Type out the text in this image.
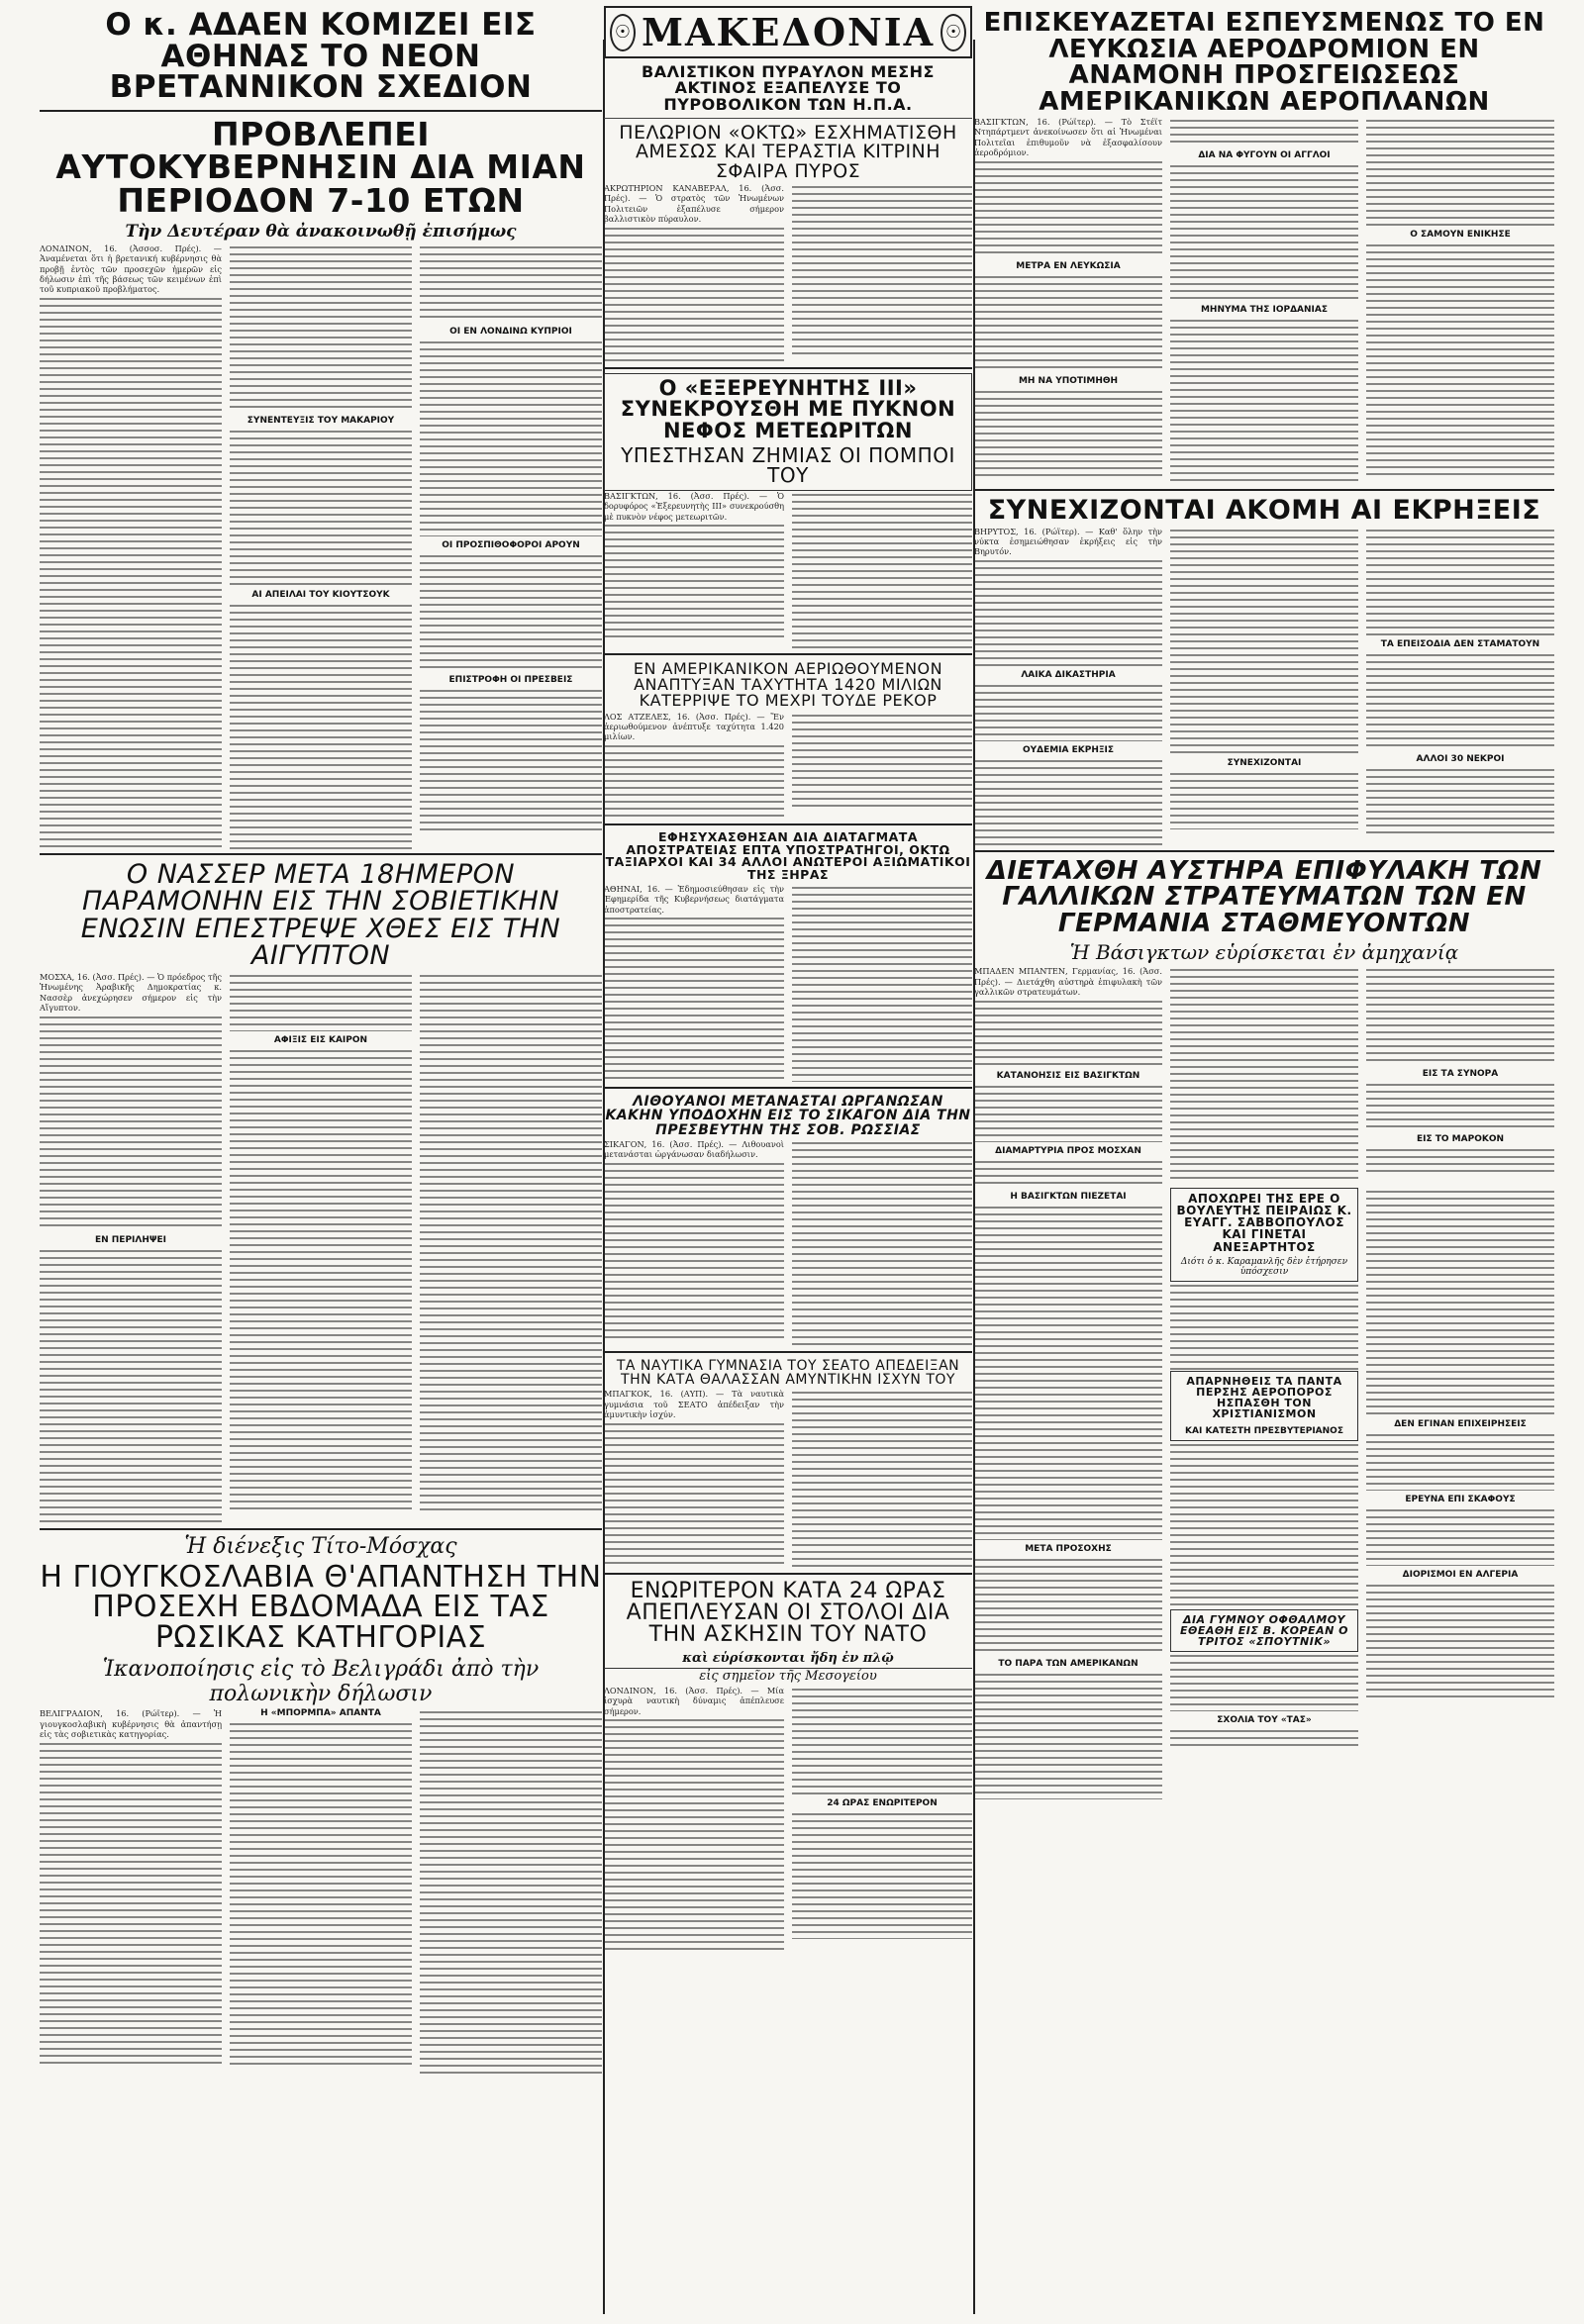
Ο κ. ΑΔΑΕΝ ΚΟΜΙΖΕΙ ΕΙΣ ΑΘΗΝΑΣ ΤΟ ΝΕΟΝ ΒΡΕΤΑΝΝΙΚΟΝ ΣΧΕΔΙΟΝ
ΠΡΟΒΛΕΠΕΙ ΑΥΤΟΚΥΒΕΡΝΗΣΙΝ ΔΙΑ ΜΙΑΝ ΠΕΡΙΟΔΟΝ 7-10 ΕΤΩΝ

Τὴν Δευτέραν θὰ ἀνακοινωθῇ ἐπισήμως

ΛΟΝΔΙΝΟΝ, 16. (Ἀσσοσ. Πρές). — Ἀναμένεται ὅτι ἡ βρετανική κυβέρνησις θὰ προβῇ ἐντὸς τῶν προσεχῶν ἡμερῶν εἰς δήλωσιν ἐπὶ τῆς βάσεως τῶν κειμένων ἐπὶ τοῦ κυπριακοῦ προβλήματος.

ΣΥΝΕΝΤΕΥΞΙΣ ΤΟΥ ΜΑΚΑΡΙΟΥ

ΑΙ ΑΠΕΙΛΑΙ ΤΟΥ ΚΙΟΥΤΣΟΥΚ

ΟΙ ΕΝ ΛΟΝΔΙΝΩ ΚΥΠΡΙΟΙ

ΟΙ ΠΡΟΣΠΙΘΟΦΟΡΟΙ ΑΡΟΥΝ

ΕΠΙΣΤΡΟΦΗ ΟΙ ΠΡΕΣΒΕΙΣ

Ο ΝΑΣΣΕΡ ΜΕΤΑ 18ΗΜΕΡΟΝ ΠΑΡΑΜΟΝΗΝ ΕΙΣ ΤΗΝ ΣΟΒΙΕΤΙΚΗΝ ΕΝΩΣΙΝ ΕΠΕΣΤΡΕΨΕ ΧΘΕΣ ΕΙΣ ΤΗΝ ΑΙΓΥΠΤΟΝ

ΜΟΣΧΑ, 16. (Ἀσσ. Πρές). — Ὁ πρόεδρος τῆς Ἡνωμένης Ἀραβικῆς Δημοκρατίας κ. Νασσὲρ ἀνεχώρησεν σήμερον εἰς τὴν Αἴγυπτον.

ΕΝ ΠΕΡΙΛΗΨΕΙ

ΑΦΙΞΙΣ ΕΙΣ ΚΑΙΡΟΝ

Ἡ διένεξις Τίτο-Μόσχας

Η ΓΙΟΥΓΚΟΣΛΑΒΙΑ Θ'ΑΠΑΝΤΗΣΗ ΤΗΝ ΠΡΟΣΕΧΗ ΕΒΔΟΜΑΔΑ ΕΙΣ ΤΑΣ ΡΩΣΙΚΑΣ ΚΑΤΗΓΟΡΙΑΣ

Ἱκανοποίησις εἰς τὸ Βελιγράδι ἀπὸ τὴν πολωνικὴν δήλωσιν

ΒΕΛΙΓΡΑΔΙΟΝ, 16. (Ρώϊτερ). — Ἡ γιουγκοσλαβικὴ κυβέρνησις θὰ ἀπαντήσῃ εἰς τὰς σοβιετικὰς κατηγορίας.

Η «ΜΠΟΡΜΠΑ» ΑΠΑΝΤΑ

☉ ΜΑΚΕΔΟΝΙΑ ☉
ΒΑΛΙΣΤΙΚΟΝ ΠΥΡΑΥΛΟΝ ΜΕΣΗΣ ΑΚΤΙΝΟΣ ΕΞΑΠΕΛΥΣΕ ΤΟ ΠΥΡΟΒΟΛΙΚΟΝ ΤΩΝ Η.Π.Α.
ΠΕΛΩΡΙΟΝ «ΟΚΤΩ» ΕΣΧΗΜΑΤΙΣΘΗ ΑΜΕΣΩΣ ΚΑΙ ΤΕΡΑΣΤΙΑ ΚΙΤΡΙΝΗ ΣΦΑΙΡΑ ΠΥΡΟΣ

ΑΚΡΩΤΗΡΙΟΝ ΚΑΝΑΒΕΡΑΛ, 16. (Ἀσσ. Πρές). — Ὁ στρατὸς τῶν Ἡνωμένων Πολιτειῶν ἐξαπέλυσε σήμερον βαλλιστικὸν πύραυλον.

Ο «ΕΞΕΡΕΥΝΗΤΗΣ ΙΙΙ» ΣΥΝΕΚΡΟΥΣΘΗ ΜΕ ΠΥΚΝΟΝ ΝΕΦΟΣ ΜΕΤΕΩΡΙΤΩΝ
ΥΠΕΣΤΗΣΑΝ ΖΗΜΙΑΣ ΟΙ ΠΟΜΠΟΙ ΤΟΥ

ΒΑΣΙΓΚΤΩΝ, 16. (Ἀσσ. Πρές). — Ὁ δορυφόρος «Ἐξερευνητὴς ΙΙΙ» συνεκρούσθη μὲ πυκνὸν νέφος μετεωριτῶν.

ΕΝ ΑΜΕΡΙΚΑΝΙΚΟΝ ΑΕΡΙΩΘΟΥΜΕΝΟΝ ΑΝΑΠΤΥΞΑΝ ΤΑΧΥΤΗΤΑ 1420 ΜΙΛΙΩΝ ΚΑΤΕΡΡΙΨΕ ΤΟ ΜΕΧΡΙ ΤΟΥΔΕ ΡΕΚΟΡ

ΛΟΣ ΑΤΖΕΛΕΣ, 16. (Ἀσσ. Πρές). — Ἕν ἀεριωθούμενον ἀνέπτυξε ταχύτητα 1.420 μιλίων.

ΕΦΗΣΥΧΑΣΘΗΣΑΝ ΔΙΑ ΔΙΑΤΑΓΜΑΤΑ ΑΠΟΣΤΡΑΤΕΙΑΣ ΕΠΤΑ ΥΠΟΣΤΡΑΤΗΓΟΙ, ΟΚΤΩ ΤΑΞΙΑΡΧΟΙ ΚΑΙ 34 ΑΛΛΟΙ ΑΝΩΤΕΡΟΙ ΑΞΙΩΜΑΤΙΚΟΙ ΤΗΣ ΞΗΡΑΣ

ΑΘΗΝΑΙ, 16. — Ἐδημοσιεύθησαν εἰς τὴν Ἐφημερίδα τῆς Κυβερνήσεως διατάγματα ἀποστρατείας.

ΛΙΘΟΥΑΝΟΙ ΜΕΤΑΝΑΣΤΑΙ ΩΡΓΑΝΩΣΑΝ ΚΑΚΗΝ ΥΠΟΔΟΧΗΝ ΕΙΣ ΤΟ ΣΙΚΑΓΟΝ ΔΙΑ ΤΗΝ ΠΡΕΣΒΕΥΤΗΝ ΤΗΣ ΣΟΒ. ΡΩΣΣΙΑΣ

ΣΙΚΑΓΟΝ, 16. (Ἀσσ. Πρές). — Λιθουανοὶ μετανάσται ὠργάνωσαν διαδήλωσιν.

ΤΑ ΝΑΥΤΙΚΑ ΓΥΜΝΑΣΙΑ ΤΟΥ ΣΕΑΤΟ ΑΠΕΔΕΙΞΑΝ ΤΗΝ ΚΑΤΑ ΘΑΛΑΣΣΑΝ ΑΜΥΝΤΙΚΗΝ ΙΣΧΥΝ ΤΟΥ

ΜΠΑΓΚΟΚ, 16. (ΑΥΠ). — Τὰ ναυτικὰ γυμνάσια τοῦ ΣΕΑΤΟ ἀπέδειξαν τὴν ἀμυντικὴν ἰσχύν.

ΕΝΩΡΙΤΕΡΟΝ ΚΑΤΑ 24 ΩΡΑΣ ΑΠΕΠΛΕΥΣΑΝ ΟΙ ΣΤΟΛΟΙ ΔΙΑ ΤΗΝ ΑΣΚΗΣΙΝ ΤΟΥ ΝΑΤΟ

καὶ εὑρίσκονται ἤδη ἐν πλῷ

εἰς σημεῖον τῆς Μεσογείου

ΛΟΝΔΙΝΟΝ, 16. (Ἀσσ. Πρές). — Μία ἰσχυρὰ ναυτικὴ δύναμις ἀπέπλευσε σήμερον.

24 ΩΡΑΣ ΕΝΩΡΙΤΕΡΟΝ

ΕΠΙΣΚΕΥΑΖΕΤΑΙ ΕΣΠΕΥΣΜΕΝΩΣ ΤΟ ΕΝ ΛΕΥΚΩΣΙΑ ΑΕΡΟΔΡΟΜΙΟΝ ΕΝ ΑΝΑΜΟΝΗ ΠΡΟΣΓΕΙΩΣΕΩΣ ΑΜΕΡΙΚΑΝΙΚΩΝ ΑΕΡΟΠΛΑΝΩΝ

ΒΑΣΙΓΚΤΩΝ, 16. (Ρώϊτερ). — Τὸ Στέϊτ Ντηπάρτμεντ ἀνεκοίνωσεν ὅτι αἱ Ἡνωμέναι Πολιτεῖαι ἐπιθυμοῦν νὰ ἐξασφαλίσουν ἀεροδρόμιον.

ΜΕΤΡΑ ΕΝ ΛΕΥΚΩΣΙΑ

ΜΗ ΝΑ ΥΠΟΤΙΜΗΘΗ

ΔΙΑ ΝΑ ΦΥΓΟΥΝ ΟΙ ΑΓΓΛΟΙ

ΜΗΝΥΜΑ ΤΗΣ ΙΟΡΔΑΝΙΑΣ

Ο ΣΑΜΟΥΝ ΕΝΙΚΗΣΕ

ΣΥΝΕΧΙΖΟΝΤΑΙ ΑΚΟΜΗ ΑΙ ΕΚΡΗΞΕΙΣ

ΒΗΡΥΤΟΣ, 16. (Ρώϊτερ). — Καθ' ὅλην τὴν νύκτα ἐσημειώθησαν ἐκρήξεις εἰς τὴν Βηρυτόν.

ΛΑΙΚΑ ΔΙΚΑΣΤΗΡΙΑ

ΟΥΔΕΜΙΑ ΕΚΡΗΞΙΣ

ΣΥΝΕΧΙΖΟΝΤΑΙ

ΤΑ ΕΠΕΙΣΟΔΙΑ ΔΕΝ ΣΤΑΜΑΤΟΥΝ

ΑΛΛΟΙ 30 ΝΕΚΡΟΙ

ΔΙΕΤΑΧΘΗ ΑΥΣΤΗΡΑ ΕΠΙΦΥΛΑΚΗ ΤΩΝ ΓΑΛΛΙΚΩΝ ΣΤΡΑΤΕΥΜΑΤΩΝ ΤΩΝ ΕΝ ΓΕΡΜΑΝΙΑ ΣΤΑΘΜΕΥΟΝΤΩΝ

Ἡ Βάσιγκτων εὑρίσκεται ἐν ἀμηχανίᾳ

ΜΠΑΔΕΝ ΜΠΑΝΤΕΝ, Γερμανίας, 16. (Ἀσσ. Πρές). — Διετάχθη αὐστηρὰ ἐπιφυλακὴ τῶν γαλλικῶν στρατευμάτων.

ΚΑΤΑΝΟΗΣΙΣ ΕΙΣ ΒΑΣΙΓΚΤΩΝ

ΔΙΑΜΑΡΤΥΡΙΑ ΠΡΟΣ ΜΟΣΧΑΝ

ΕΙΣ ΤΑ ΣΥΝΟΡΑ

ΕΙΣ ΤΟ ΜΑΡΟΚΟΝ

Η ΒΑΣΙΓΚΤΩΝ ΠΙΕΖΕΤΑΙ

ΜΕΤΑ ΠΡΟΣΟΧΗΣ

ΤΟ ΠΑΡΑ ΤΩΝ ΑΜΕΡΙΚΑΝΩΝ

ΑΠΟΧΩΡΕΙ ΤΗΣ ΕΡΕ Ο ΒΟΥΛΕΥΤΗΣ ΠΕΙΡΑΙΩΣ Κ. ΕΥΑΓΓ. ΣΑΒΒΟΠΟΥΛΟΣ ΚΑΙ ΓΙΝΕΤΑΙ ΑΝΕΞΑΡΤΗΤΟΣ

Διότι ὁ κ. Καραμανλῆς δὲν ἐτήρησεν ὑπόσχεσιν

ΑΠΑΡΝΗΘΕΙΣ ΤΑ ΠΑΝΤΑ ΠΕΡΣΗΣ ΑΕΡΟΠΟΡΟΣ ΗΣΠΑΣΘΗ ΤΟΝ ΧΡΙΣΤΙΑΝΙΣΜΟΝ

ΚΑΙ ΚΑΤΕΣΤΗ ΠΡΕΣΒΥΤΕΡΙΑΝΟΣ

ΔΙΑ ΓΥΜΝΟΥ ΟΦΘΑΛΜΟΥ ΕΘΕΑΘΗ ΕΙΣ Β. ΚΟΡΕΑΝ Ο ΤΡΙΤΟΣ «ΣΠΟΥΤΝΙΚ»

ΣΧΟΛΙΑ ΤΟΥ «ΤΑΣ»

ΔΕΝ ΕΓΙΝΑΝ ΕΠΙΧΕΙΡΗΣΕΙΣ

ΕΡΕΥΝΑ ΕΠΙ ΣΚΑΦΟΥΣ

ΔΙΟΡΙΣΜΟΙ ΕΝ ΑΛΓΕΡΙΑ
